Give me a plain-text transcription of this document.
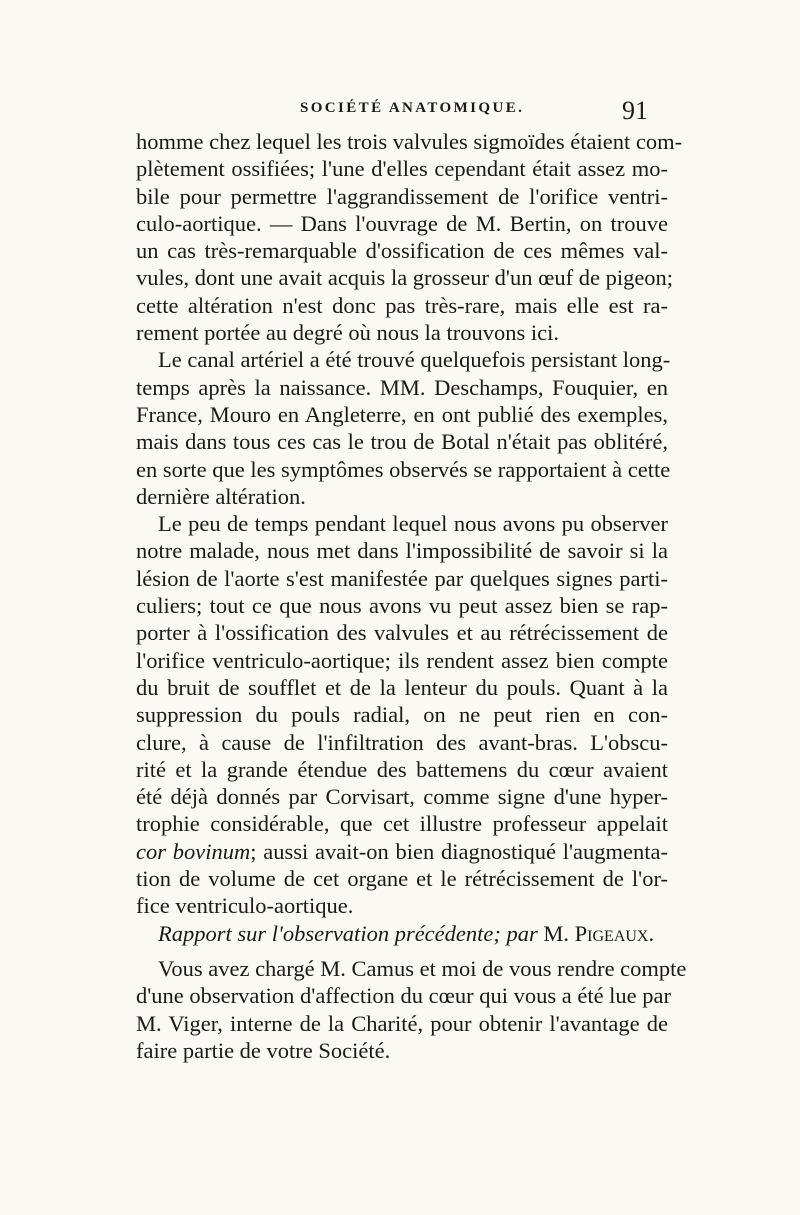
SOCIÉTÉ ANATOMIQUE.	91
homme chez lequel les trois valvules sigmoïdes étaient com-
plètement ossifiées; l'une d'elles cependant était assez mo-
bile pour permettre l'aggrandissement de l'orifice ventri-
culo-aortique. — Dans l'ouvrage de M. Bertin, on trouve
un cas très-remarquable d'ossification de ces mêmes val-
vules, dont une avait acquis la grosseur d'un œuf de pigeon;
cette altération n'est donc pas très-rare, mais elle est ra-
rement portée au degré où nous la trouvons ici.
Le canal artériel a été trouvé quelquefois persistant long-
temps après la naissance. MM. Deschamps, Fouquier, en
France, Mouro en Angleterre, en ont publié des exemples,
mais dans tous ces cas le trou de Botal n'était pas oblitéré,
en sorte que les symptômes observés se rapportaient à cette
dernière altération.
Le peu de temps pendant lequel nous avons pu observer
notre malade, nous met dans l'impossibilité de savoir si la
lésion de l'aorte s'est manifestée par quelques signes parti-
culiers; tout ce que nous avons vu peut assez bien se rap-
porter à l'ossification des valvules et au rétrécissement de
l'orifice ventriculo-aortique; ils rendent assez bien compte
du bruit de soufflet et de la lenteur du pouls. Quant à la
suppression du pouls radial, on ne peut rien en con-
clure, à cause de l'infiltration des avant-bras. L'obscu-
rité et la grande étendue des battemens du cœur avaient
été déjà donnés par Corvisart, comme signe d'une hyper-
trophie considérable, que cet illustre professeur appelait
cor bovinum; aussi avait-on bien diagnostiqué l'augmenta-
tion de volume de cet organe et le rétrécissement de l'or-
fice ventriculo-aortique.
Rapport sur l'observation précédente; par M. Pigeaux.
Vous avez chargé M. Camus et moi de vous rendre compte
d'une observation d'affection du cœur qui vous a été lue par
M. Viger, interne de la Charité, pour obtenir l'avantage de
faire partie de votre Société.
